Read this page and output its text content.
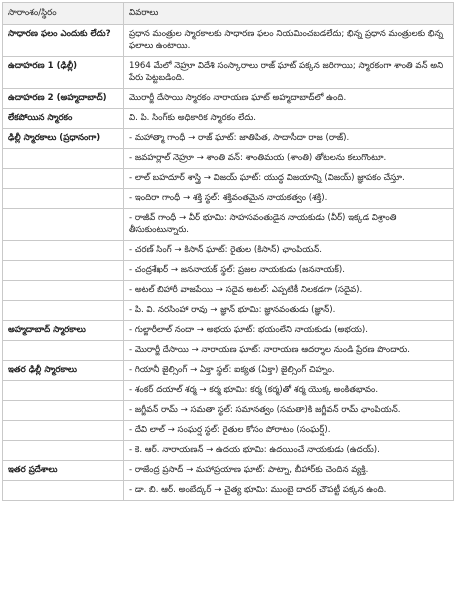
సారాంశం/స్థిరం	వివరాలు
సాధారణ ఫలం ఎందుకు లేదు?	ప్రధాన మంత్రుల స్మారకాలకు సాధారణ ఫలం నియమించబడలేదు; భిన్న ప్రధాన మంత్రులకు భిన్న ఫలాలు ఉంటాయి.
ఉదాహరణ 1 (ఢిల్లీ)	1964 మేలో నెహ్రూ విదేశి సంస్కారాలు రాజ్ ఘాట్ పక్కన జరిగాయి; స్మారకంగా శాంతి వన్ అని పేరు పెట్టబడింది.
ఉదాహరణ 2 (అహ్మదాబాద్)	మొరార్జీ దేసాయి స్మారకం నారాయణ ఘాట్ అహ్మదాబాద్‌లో ఉంది.
లేకపోయిన స్మారకం	వి. పి. సింగ్‌కు అధికారిక స్మారకం లేదు.
ఢిల్లీ స్మారకాలు (ప్రధానంగా)	- మహాత్మా గాంధీ → రాజ్ ఘాట్: జాతిపిత, సాదాసీదా రాజ (రాజ్).
	- జవహర్లాల్ నెహ్రూ → శాంతి వన్: శాంతిమయ (శాంతి) తోటలను కలుగొంటూ.
	- లాల్ బహదూర్ శాస్త్రి → విజయ్ ఘాట్: యుద్ధ విజయాన్ని (విజయ్) జ్ఞాపకం చేస్తూ.
	- ఇందిరా గాంధీ → శక్తి స్థల్: శక్తివంతమైన నాయకత్వం (శక్తి).
	- రాజీవ్ గాంధీ → వీర్ భూమి: సాహసవంతుడైన నాయకుడు (వీర్) ఇక్కడ విశ్రాంతి తీసుకుంటున్నారు.
	- చరణ్ సింగ్ → కిసాన్ ఘాట్: రైతుల (కిసాన్) ఛాంపియన్.
	- చంద్రశేఖర్ → జననాయక్ స్థల్: ప్రజల నాయకుడు (జననాయక్).
	- అటల్ బిహారీ వాజపేయి → సదైవ అటల్: ఎప్పటికీ నిలకడగా (సదైవ).
	- పి. వి. నరసింహా రావు → జ్ఞాన్ భూమి: జ్ఞానవంతుడు (జ్ఞాన్).
అహ్మదాబాద్ స్మారకాలు	- గుల్జారీలాల్ నందా → అభయ ఘాట్: భయంలేని నాయకుడు (అభయ).
	- మొరార్జీ దేసాయి → నారాయణ ఘాట్: నారాయణ ఆదర్శాల నుండి ప్రేరణ పొందారు.
ఇతర ఢిల్లీ స్మారకాలు	- గియానీ జైల్సింగ్ → ఏక్తా స్థల్: ఐక్యత (ఏక్తా) జైల్సింగ్ చిహ్నం.
	- శంకర్ దయాల్ శర్మ → కర్మ భూమి: కర్మ (కర్మ)తో శర్మ యొక్క అంకితభావం.
	- జగ్జీవన్ రామ్ → సమతా స్థల్: సమానత్వం (సమతా)కి జగ్జీవన్ రామ్ ఛాంపియన్.
	- దేవి లాల్ → సంఘర్ష స్థల్: రైతుల కోసం పోరాటం (సంఘర్ష్).
	- కె. ఆర్. నారాయణన్ → ఉదయ భూమి: ఉదయించే నాయకుడు (ఉదయ్).
ఇతర ప్రదేశాలు	- రాజేంద్ర ప్రసాద్ → మహాప్రయాణ ఘాట్: పాట్నా, బీహార్‌కు చెందిన వ్యక్తి.
	- డా. బి. ఆర్. అంబేద్కర్ → చైత్య భూమి: ముంబై దాదర్ చౌపట్టీ పక్కన ఉంది.
